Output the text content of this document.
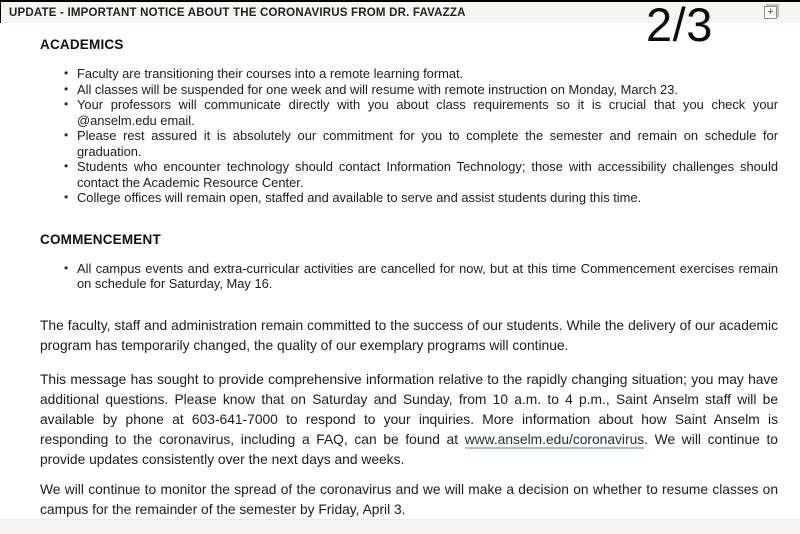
UPDATE - IMPORTANT NOTICE ABOUT THE CORONAVIRUS FROM DR. FAVAZZA	+
2/3
ACADEMICS
• Faculty are transitioning their courses into a remote learning format.
• All classes will be suspended for one week and will resume with remote instruction on Monday, March 23.
• Your professors will communicate directly with you about class requirements so it is crucial that you check your @anselm.edu email.
• Please rest assured it is absolutely our commitment for you to complete the semester and remain on schedule for graduation.
• Students who encounter technology should contact Information Technology; those with accessibility challenges should contact the Academic Resource Center.
• College offices will remain open, staffed and available to serve and assist students during this time.
COMMENCEMENT
• All campus events and extra-curricular activities are cancelled for now, but at this time Commencement exercises remain on schedule for Saturday, May 16.

The faculty, staff and administration remain committed to the success of our students. While the delivery of our academic program has temporarily changed, the quality of our exemplary programs will continue.

This message has sought to provide comprehensive information relative to the rapidly changing situation; you may have additional questions. Please know that on Saturday and Sunday, from 10 a.m. to 4 p.m., Saint Anselm staff will be available by phone at 603-641-7000 to respond to your inquiries. More information about how Saint Anselm is responding to the coronavirus, including a FAQ, can be found at www.anselm.edu/coronavirus. We will continue to provide updates consistently over the next days and weeks.

We will continue to monitor the spread of the coronavirus and we will make a decision on whether to resume classes on campus for the remainder of the semester by Friday, April 3.
